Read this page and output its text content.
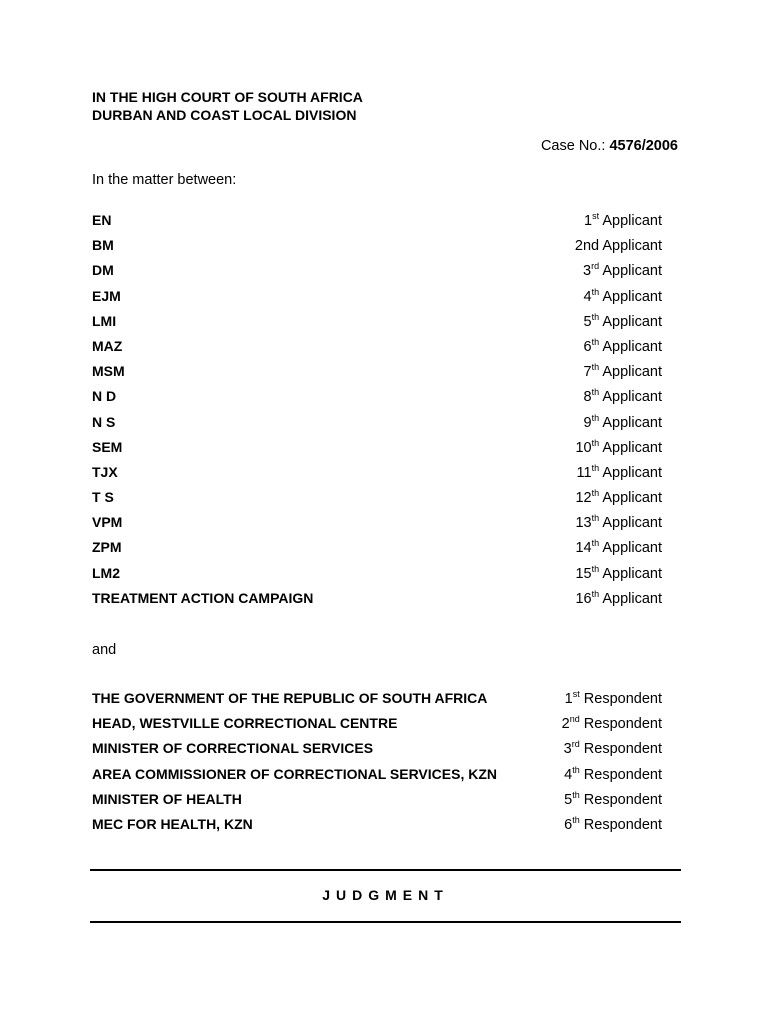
IN THE HIGH COURT OF SOUTH AFRICA
DURBAN AND COAST LOCAL DIVISION
Case No.: 4576/2006
In the matter between:
EN	1st Applicant
BM	2nd Applicant
DM	3rd Applicant
EJM	4th Applicant
LMI	5th Applicant
MAZ	6th Applicant
MSM	7th Applicant
N D	8th Applicant
N S	9th Applicant
SEM	10th Applicant
TJX	11th Applicant
T S	12th Applicant
VPM	13th Applicant
ZPM	14th Applicant
LM2	15th Applicant
TREATMENT ACTION CAMPAIGN	16th Applicant
and
THE GOVERNMENT OF THE REPUBLIC OF SOUTH AFRICA	1st Respondent
HEAD, WESTVILLE CORRECTIONAL CENTRE	2nd Respondent
MINISTER OF CORRECTIONAL SERVICES	3rd Respondent
AREA COMMISSIONER OF CORRECTIONAL SERVICES, KZN	4th Respondent
MINISTER OF HEALTH	5th Respondent
MEC FOR HEALTH, KZN	6th Respondent
JUDGMENT
